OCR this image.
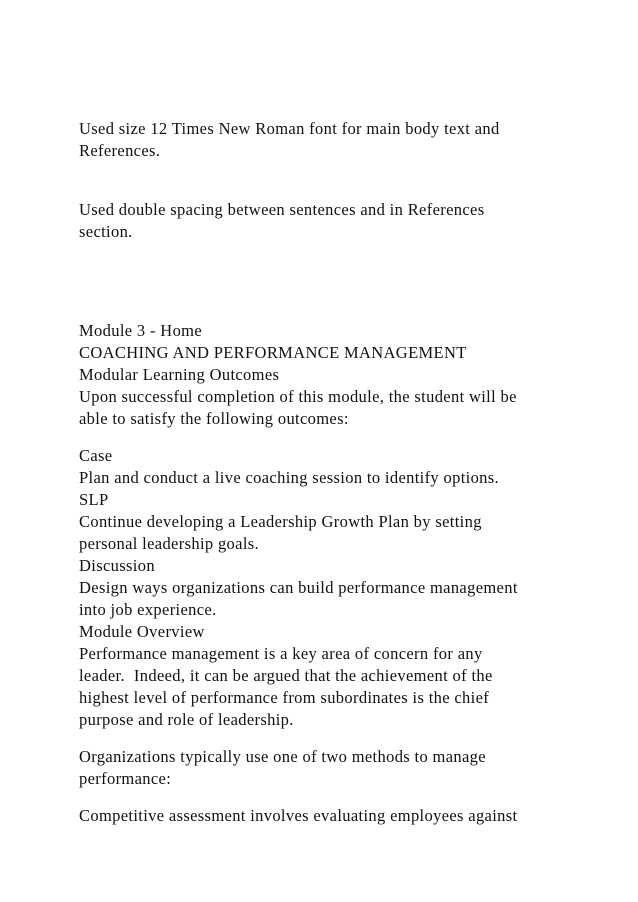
Used size 12 Times New Roman font for main body text and

References.

Used double spacing between sentences and in References

section.

Module 3 - Home

COACHING AND PERFORMANCE MANAGEMENT

Modular Learning Outcomes

Upon successful completion of this module, the student will be

able to satisfy the following outcomes:

Case

Plan and conduct a live coaching session to identify options.

SLP

Continue developing a Leadership Growth Plan by setting

personal leadership goals.

Discussion

Design ways organizations can build performance management

into job experience.

Module Overview

Performance management is a key area of concern for any

leader.  Indeed, it can be argued that the achievement of the

highest level of performance from subordinates is the chief

purpose and role of leadership.

Organizations typically use one of two methods to manage

performance:

Competitive assessment involves evaluating employees against
